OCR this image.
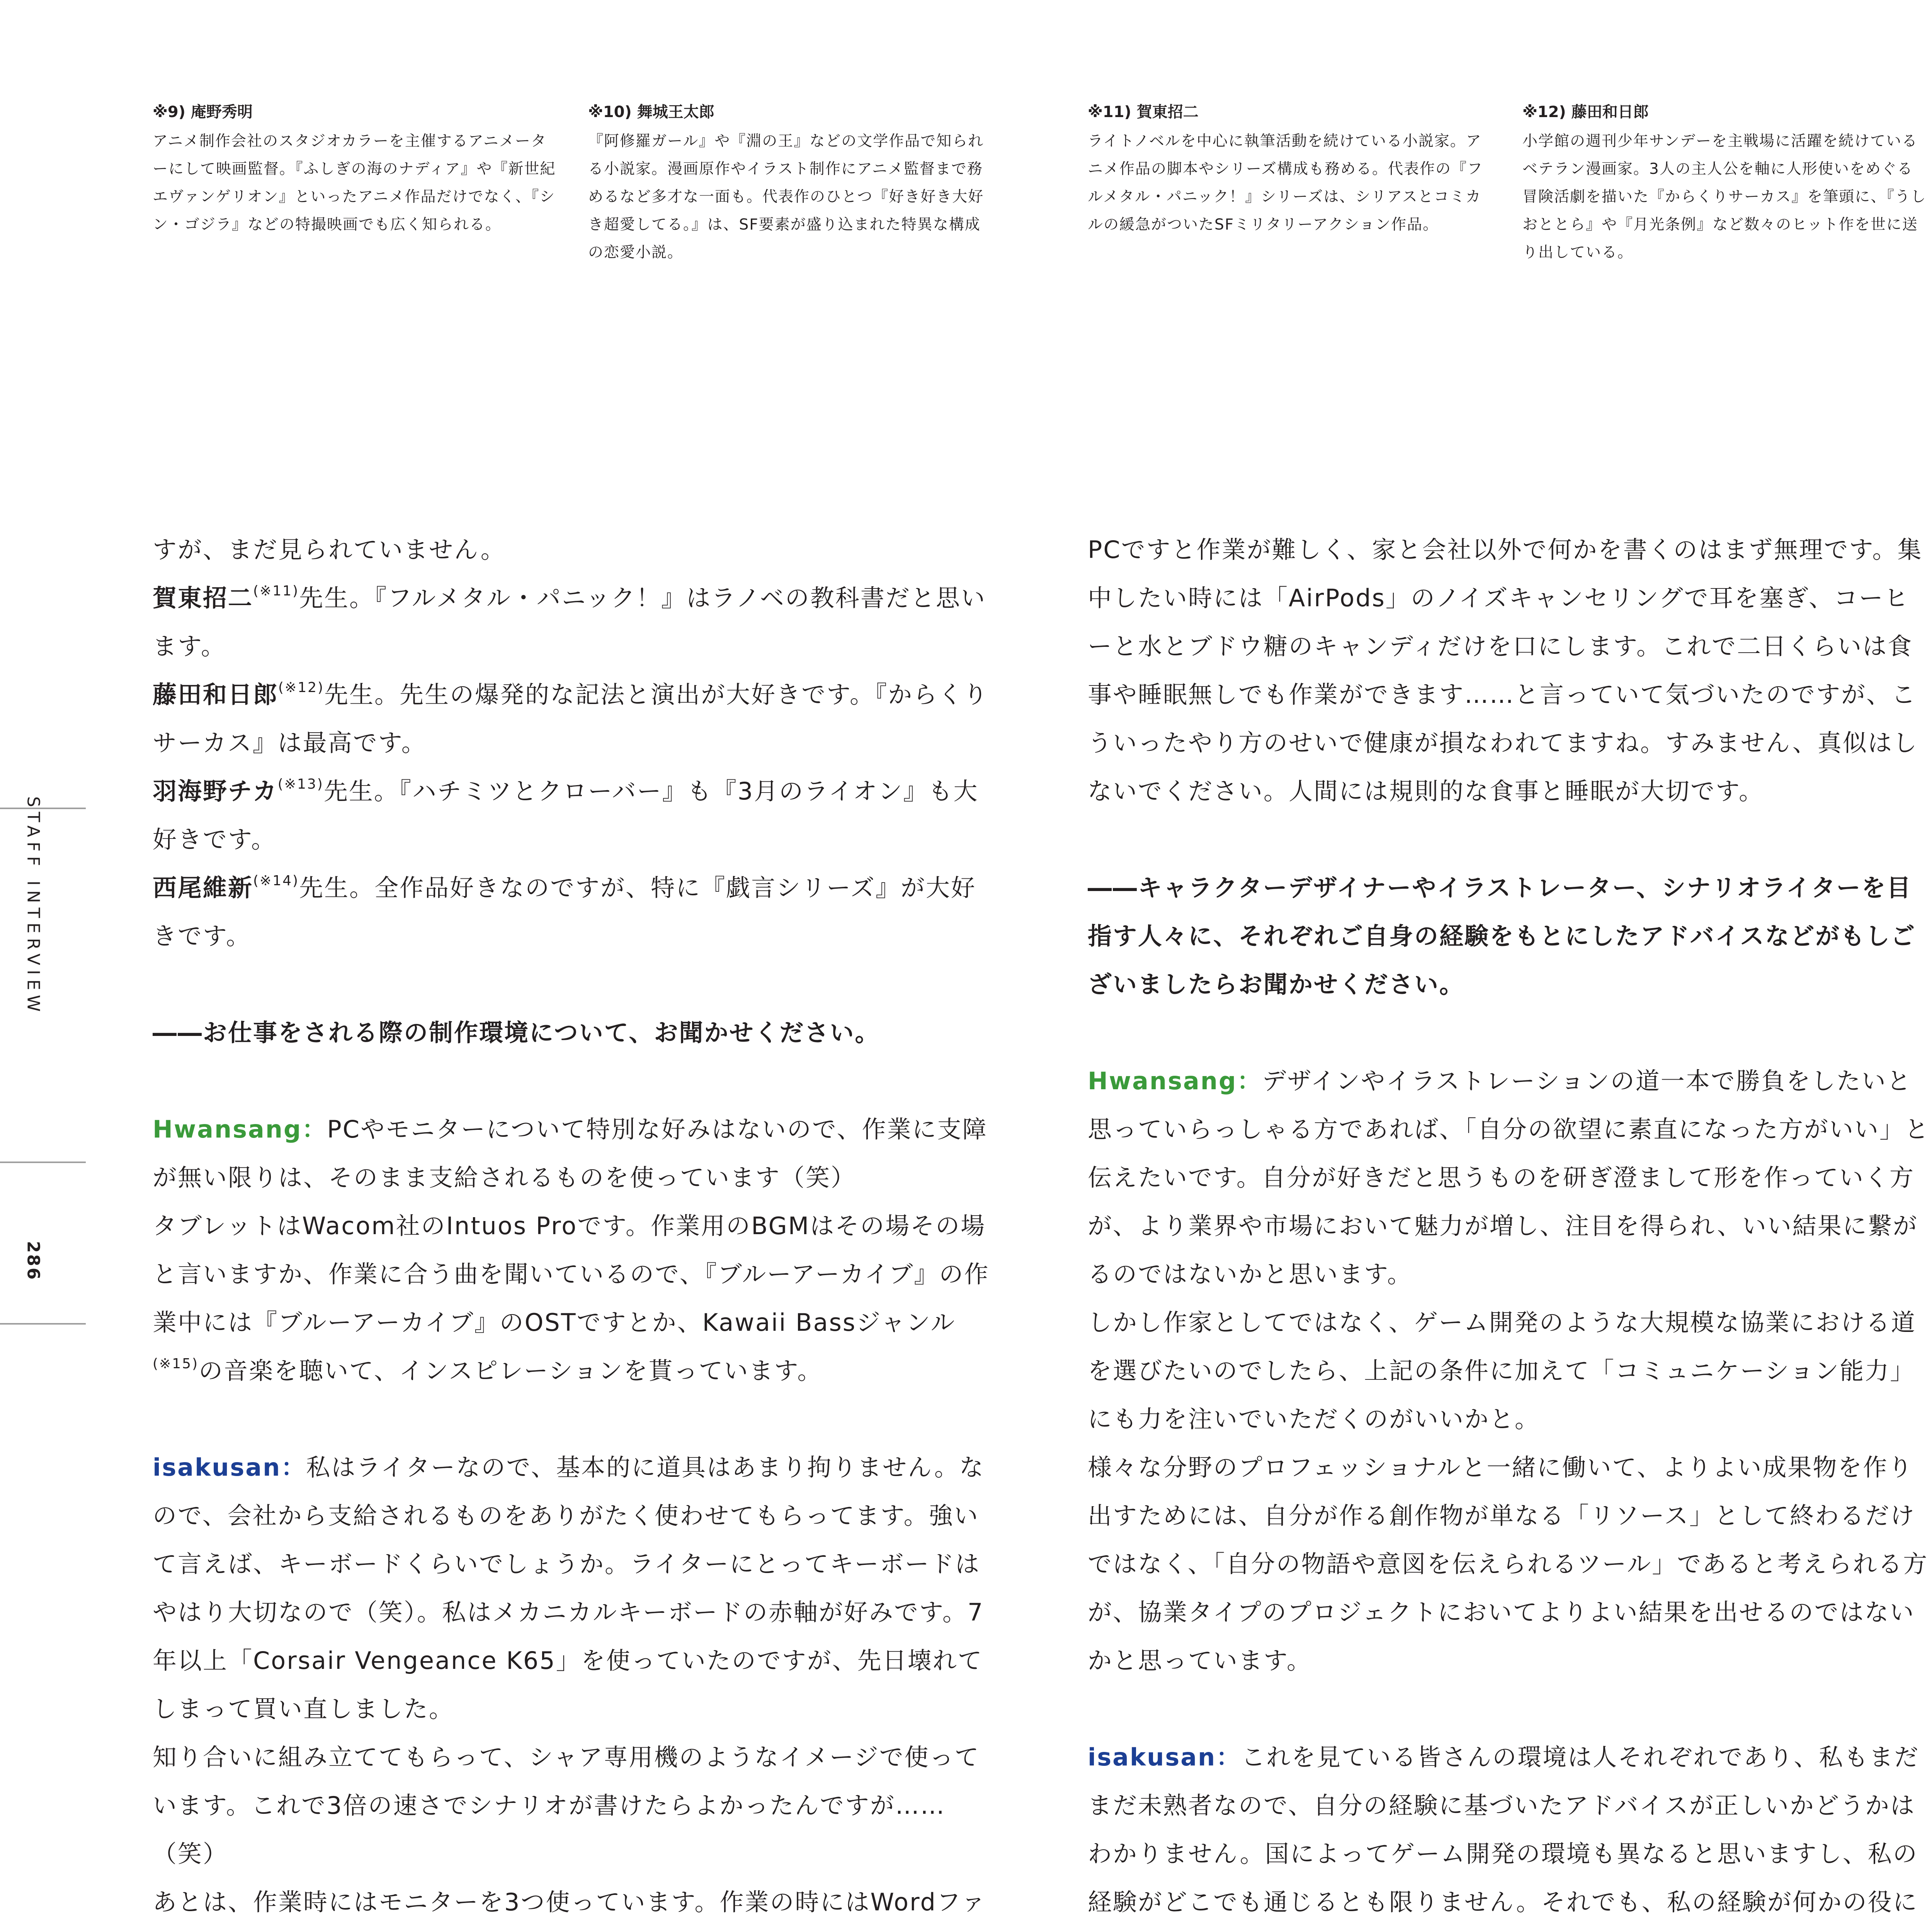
※9) 庵野秀明

アニメ制作会社のスタジオカラーを主催するアニメーターにして映画監督。『ふしぎの海のナディア』や『新世紀エヴァンゲリオン』といったアニメ作品だけでなく、『シン・ゴジラ』などの特撮映画でも広く知られる。

※10) 舞城王太郎

『阿修羅ガール』や『淵の王』などの文学作品で知られる小説家。漫画原作やイラスト制作にアニメ監督まで務めるなど多才な一面も。代表作のひとつ『好き好き大好き超愛してる。』は、SF要素が盛り込まれた特異な構成の恋愛小説。

※11) 賀東招二

ライトノベルを中心に執筆活動を続けている小説家。アニメ作品の脚本やシリーズ構成も務める。代表作の『フルメタル・パニック！』シリーズは、シリアスとコミカルの緩急がついたSFミリタリーアクション作品。

※12) 藤田和日郎

小学館の週刊少年サンデーを主戦場に活躍を続けているベテラン漫画家。3人の主人公を軸に人形使いをめぐる冒険活劇を描いた『からくりサーカス』を筆頭に、『うしおととら』や『月光条例』など数々のヒット作を世に送り出している。

STAFF INTERVIEW
286

すが、まだ見られていません。

賀東招二$^{(※11)}$先生。『フルメタル・パニック！』はラノベの教科書だと思います。

藤田和日郎$^{(※12)}$先生。先生の爆発的な記法と演出が大好きです。『からくりサーカス』は最高です。

羽海野チカ$^{(※13)}$先生。『ハチミツとクローバー』も『3月のライオン』も大好きです。

西尾維新$^{(※14)}$先生。全作品好きなのですが、特に『戯言シリーズ』が大好きです。

――お仕事をされる際の制作環境について、お聞かせください。

Hwansang：PCやモニターについて特別な好みはないので、作業に支障が無い限りは、そのまま支給されるものを使っています（笑）

タブレットはWacom社のIntuos Proです。作業用のBGMはその場その場と言いますか、作業に合う曲を聞いているので、『ブルーアーカイブ』の作業中には『ブルーアーカイブ』のOSTですとか、Kawaii Bassジャンル$^{(※15)}$の音楽を聴いて、インスピレーションを貰っています。

isakusan：私はライターなので、基本的に道具はあまり拘りません。なので、会社から支給されるものをありがたく使わせてもらってます。強いて言えば、キーボードくらいでしょうか。ライターにとってキーボードはやはり大切なので（笑）。私はメカニカルキーボードの赤軸が好みです。7年以上「Corsair Vengeance K65」を使っていたのですが、先日壊れてしまって買い直しました。

知り合いに組み立ててもらって、シャア専用機のようなイメージで使っています。これで3倍の速さでシナリオが書けたらよかったんですが……（笑）

あとは、作業時にはモニターを3つ使っています。作業の時にはWordファ

PCですと作業が難しく、家と会社以外で何かを書くのはまず無理です。集中したい時には「AirPods」のノイズキャンセリングで耳を塞ぎ、コーヒーと水とブドウ糖のキャンディだけを口にします。これで二日くらいは食事や睡眠無しでも作業ができます……と言っていて気づいたのですが、こういったやり方のせいで健康が損なわれてますね。すみません、真似はしないでください。人間には規則的な食事と睡眠が大切です。

――キャラクターデザイナーやイラストレーター、シナリオライターを目指す人々に、それぞれご自身の経験をもとにしたアドバイスなどがもしございましたらお聞かせください。

Hwansang：デザインやイラストレーションの道一本で勝負をしたいと思っていらっしゃる方であれば、「自分の欲望に素直になった方がいい」と伝えたいです。自分が好きだと思うものを研ぎ澄まして形を作っていく方が、より業界や市場において魅力が増し、注目を得られ、いい結果に繋がるのではないかと思います。

しかし作家としてではなく、ゲーム開発のような大規模な協業における道を選びたいのでしたら、上記の条件に加えて「コミュニケーション能力」にも力を注いでいただくのがいいかと。

様々な分野のプロフェッショナルと一緒に働いて、よりよい成果物を作り出すためには、自分が作る創作物が単なる「リソース」として終わるだけではなく、「自分の物語や意図を伝えられるツール」であると考えられる方が、協業タイプのプロジェクトにおいてよりよい結果を出せるのではないかと思っています。

isakusan：これを見ている皆さんの環境は人それぞれであり、私もまだまだ未熟者なので、自分の経験に基づいたアドバイスが正しいかどうかはわかりません。国によってゲーム開発の環境も異なると思いますし、私の経験がどこでも通じるとも限りません。それでも、私の経験が何かの役に
